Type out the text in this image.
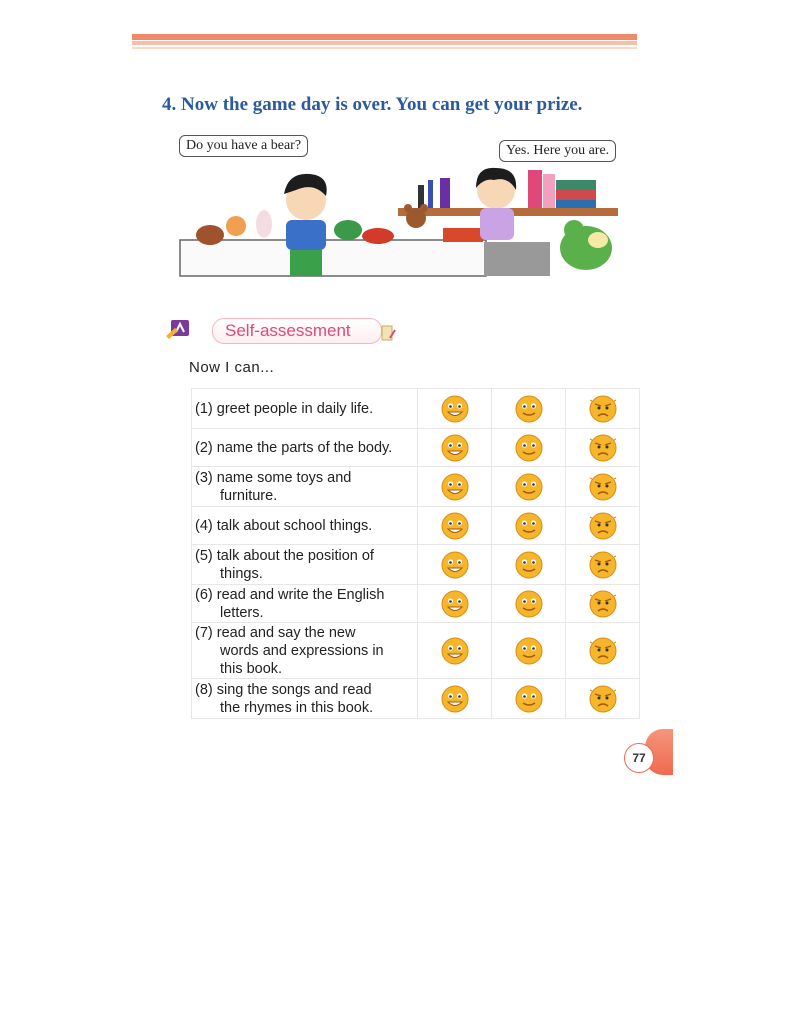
4. Now the game day is over. You can get your prize.
Do you have a bear?	Yes. Here you are.
Self-assessment
Now I can...
(1) greet people in daily life.	

(2) name the parts of the body.	

(3) name some toys and
furniture.

(4) talk about school things.	

(5) talk about the position of
things.

(6) read and write the English
letters.

(7) read and say the new
words and expressions in
this book.

(8) sing the songs and read
the rhymes in this book.

77
